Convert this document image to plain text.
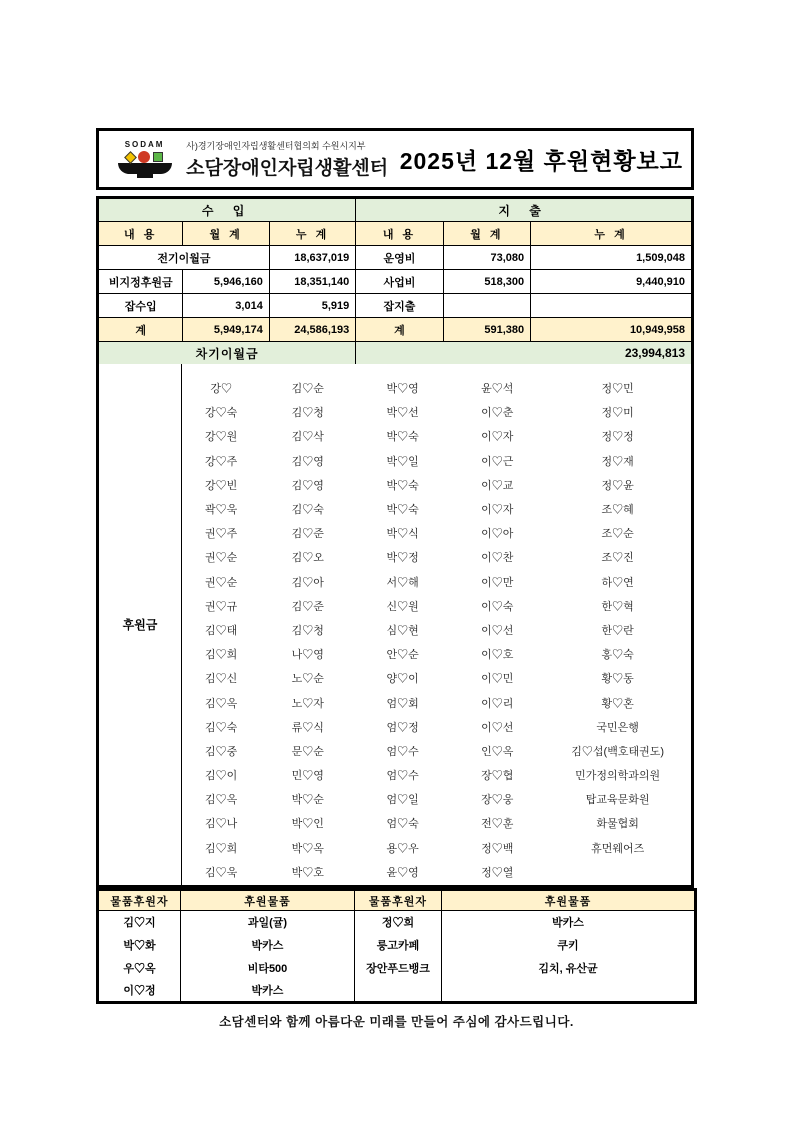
SODAM	사)경기장애인자립생활센터협의회 수원시지부
소담장애인자립생활센터 2025년 12월 후원현황보고
수 입			지 출		
내 용	월 계	누 계	내 용	월 계	누 계
전기이월금		18,637,019	운영비	73,080	1,509,048
비지정후원금	5,946,160	18,351,140	사업비	518,300	9,440,910
잡수입	3,014	5,919	잡지출		
계	5,949,174	24,586,193	계	591,380	10,949,958
차기이월금			23,994,813		
후원금
강♡	김♡순	박♡영	윤♡석	정♡민
강♡숙	김♡청	박♡선	이♡춘	정♡미
강♡원	김♡삭	박♡숙	이♡자	정♡정
강♡주	김♡영	박♡일	이♡근	정♡재
강♡빈	김♡영	박♡숙	이♡교	정♡윤
곽♡욱	김♡숙	박♡숙	이♡자	조♡혜
권♡주	김♡준	박♡식	이♡아	조♡순
권♡순	김♡오	박♡정	이♡찬	조♡진
권♡순	김♡아	서♡해	이♡만	하♡연
권♡규	김♡준	신♡원	이♡숙	한♡혁
김♡태	김♡청	심♡현	이♡선	한♡란
김♡희	나♡영	안♡순	이♡호	홍♡숙
김♡신	노♡순	양♡이	이♡민	황♡동
김♡옥	노♡자	엄♡회	이♡리	황♡혼
김♡숙	류♡식	엄♡정	이♡선	국민은행
김♡중	문♡순	엄♡수	인♡옥	김♡섭(백호태권도)
김♡이	민♡영	엄♡수	장♡협	민가정의학과의원
김♡옥	박♡순	엄♡일	장♡웅	탑교육문화원
김♡나	박♡인	엄♡숙	전♡훈	화물협회
김♡희	박♡옥	용♡우	정♡백	휴먼웨어즈
김♡욱	박♡호	윤♡영	정♡열
물품후원자	후원물품	물품후원자	후원물품
김♡지	과일(귤)	정♡희	박카스
박♡화	박카스	룽고카페	쿠키
우♡옥	비타500	장안푸드뱅크	김치, 유산균
이♡정	박카스		
소담센터와 함께 아름다운 미래를 만들어 주심에 감사드립니다.
